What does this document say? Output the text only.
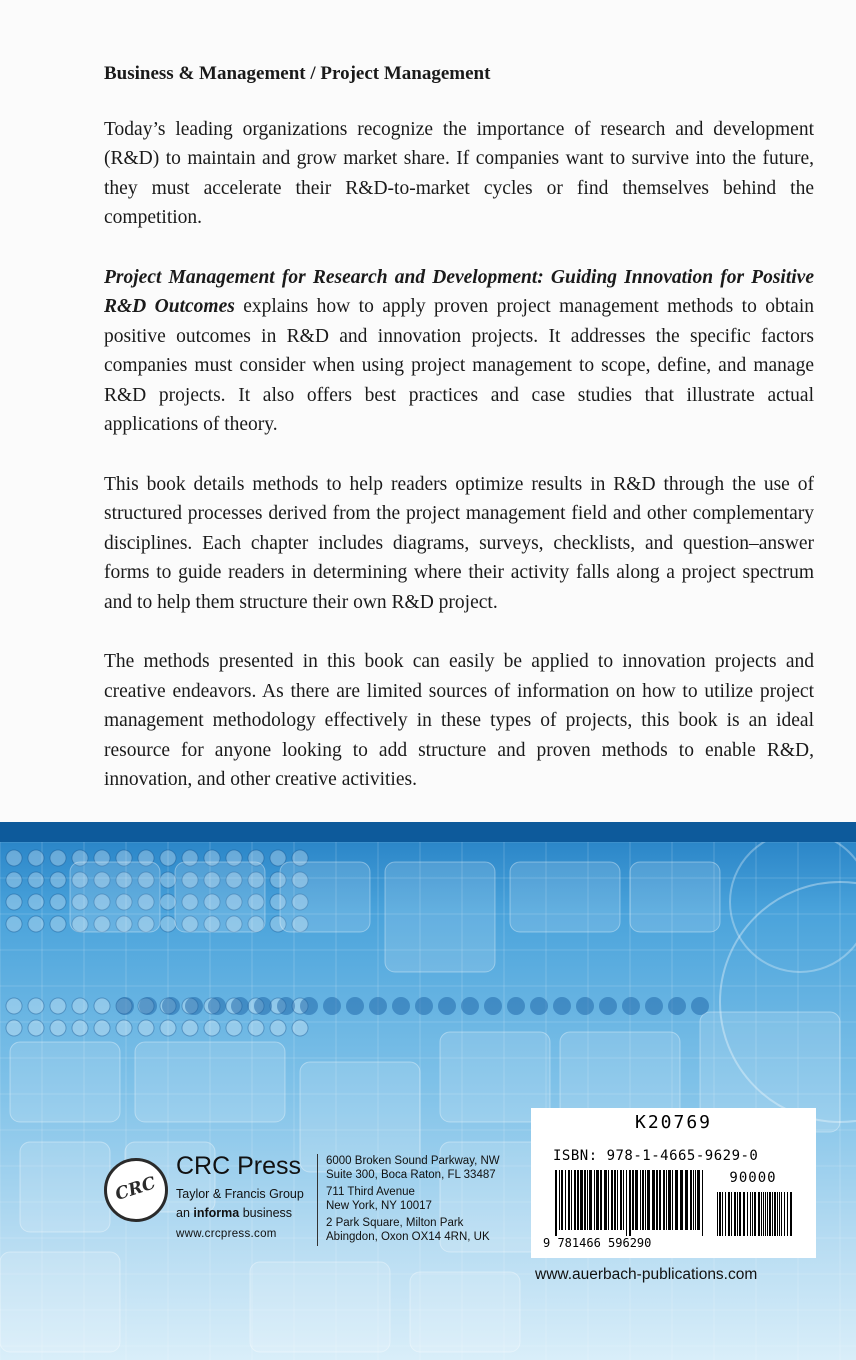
Business & Management / Project Management

Today’s leading organizations recognize the importance of research and development (R&D) to maintain and grow market share. If companies want to survive into the future, they must accelerate their R&D-to-market cycles or find themselves behind the competition.

Project Management for Research and Development: Guiding Innovation for Positive R&D Outcomes explains how to apply proven project management methods to obtain positive outcomes in R&D and innovation projects. It addresses the specific factors companies must consider when using project management to scope, define, and manage R&D projects. It also offers best practices and case studies that illustrate actual applications of theory.

This book details methods to help readers optimize results in R&D through the use of structured processes derived from the project management field and other complementary disciplines. Each chapter includes diagrams, surveys, checklists, and question–answer forms to guide readers in determining where their activity falls along a project spectrum and to help them structure their own R&D project.

The methods presented in this book can easily be applied to innovation projects and creative endeavors. As there are limited sources of information on how to utilize project management methodology effectively in these types of projects, this book is an ideal resource for anyone looking to add structure and proven methods to enable R&D, innovation, and other creative activities.

CRC
CRC Press
Taylor & Francis Group
an informa business
www.crcpress.com
6000 Broken Sound Parkway, NW
Suite 300, Boca Raton, FL 33487
711 Third Avenue
New York, NY 10017
2 Park Square, Milton Park
Abingdon, Oxon OX14 4RN, UK
K20769
ISBN: 978-1-4665-9629-0
90000
9 781466 596290
www.auerbach-publications.com
